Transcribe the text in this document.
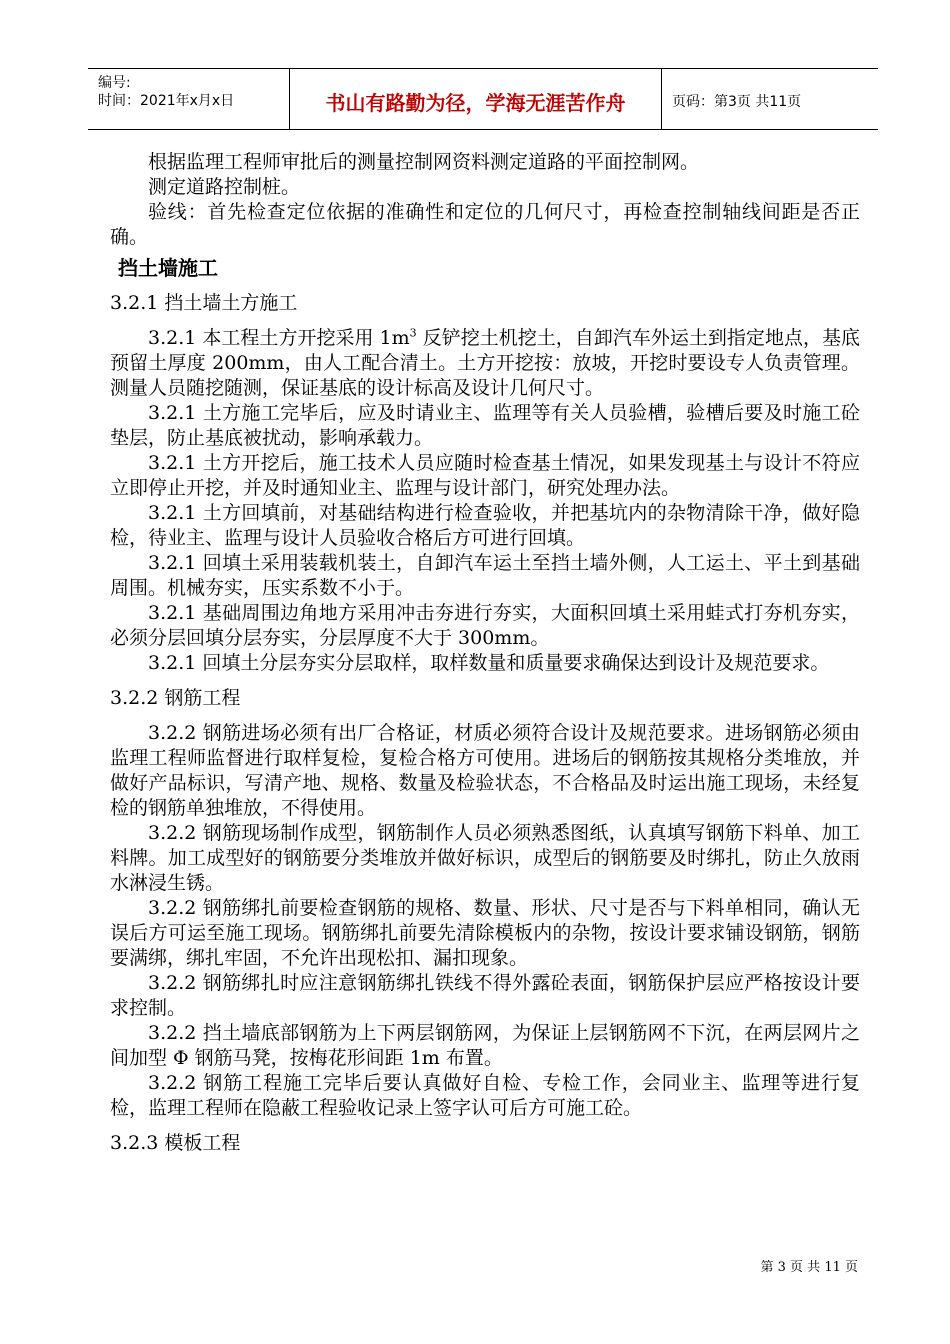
编号:
时间：2021年x月x日	书山有路勤为径，学海无涯苦作舟	页码：第3页 共11页

根据监理工程师审批后的测量控制网资料测定道路的平面控制网。

测定道路控制桩。

验线：首先检查定位依据的准确性和定位的几何尺寸，再检查控制轴线间距是否正确。

挡土墙施工
3.2.1 挡土墙土方施工

3.2.1 本工程土方开挖采用 $1m^3$ 反铲挖土机挖土，自卸汽车外运土到指定地点，基底预留土厚度 200mm，由人工配合清土。土方开挖按：放坡，开挖时要设专人负责管理。测量人员随挖随测，保证基底的设计标高及设计几何尺寸。

3.2.1 土方施工完毕后，应及时请业主、监理等有关人员验槽，验槽后要及时施工砼垫层，防止基底被扰动，影响承载力。

3.2.1 土方开挖后，施工技术人员应随时检查基土情况，如果发现基土与设计不符应立即停止开挖，并及时通知业主、监理与设计部门，研究处理办法。

3.2.1 土方回填前，对基础结构进行检查验收，并把基坑内的杂物清除干净，做好隐检，待业主、监理与设计人员验收合格后方可进行回填。

3.2.1 回填土采用装载机装土，自卸汽车运土至挡土墙外侧，人工运土、平土到基础周围。机械夯实，压实系数不小于。

3.2.1 基础周围边角地方采用冲击夯进行夯实，大面积回填土采用蛙式打夯机夯实，必须分层回填分层夯实，分层厚度不大于 300mm。

3.2.1 回填土分层夯实分层取样，取样数量和质量要求确保达到设计及规范要求。

3.2.2 钢筋工程

3.2.2 钢筋进场必须有出厂合格证，材质必须符合设计及规范要求。进场钢筋必须由监理工程师监督进行取样复检，复检合格方可使用。进场后的钢筋按其规格分类堆放，并做好产品标识，写清产地、规格、数量及检验状态，不合格品及时运出施工现场，未经复检的钢筋单独堆放，不得使用。

3.2.2 钢筋现场制作成型，钢筋制作人员必须熟悉图纸，认真填写钢筋下料单、加工料牌。加工成型好的钢筋要分类堆放并做好标识，成型后的钢筋要及时绑扎，防止久放雨水淋浸生锈。

3.2.2 钢筋绑扎前要检查钢筋的规格、数量、形状、尺寸是否与下料单相同，确认无误后方可运至施工现场。钢筋绑扎前要先清除模板内的杂物，按设计要求铺设钢筋，钢筋要满绑，绑扎牢固，不允许出现松扣、漏扣现象。

3.2.2 钢筋绑扎时应注意钢筋绑扎铁线不得外露砼表面，钢筋保护层应严格按设计要求控制。

3.2.2 挡土墙底部钢筋为上下两层钢筋网，为保证上层钢筋网不下沉，在两层网片之间加型 Φ 钢筋马凳，按梅花形间距 1m 布置。

3.2.2 钢筋工程施工完毕后要认真做好自检、专检工作，会同业主、监理等进行复检，监理工程师在隐蔽工程验收记录上签字认可后方可施工砼。

3.2.3 模板工程
第 3 页 共 11 页
